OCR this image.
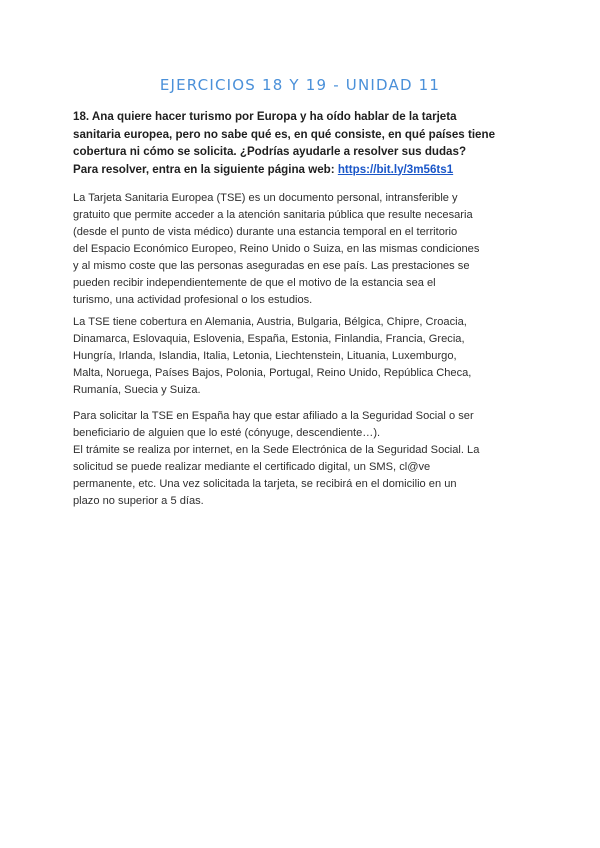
EJERCICIOS 18 Y 19 - UNIDAD 11
18. Ana quiere hacer turismo por Europa y ha oído hablar de la tarjeta
sanitaria europea, pero no sabe qué es, en qué consiste, en qué países tiene
cobertura ni cómo se solicita. ¿Podrías ayudarle a resolver sus dudas?
Para resolver, entra en la siguiente página web: https://bit.ly/3m56ts1
La Tarjeta Sanitaria Europea (TSE) es un documento personal, intransferible y
gratuito que permite acceder a la atención sanitaria pública que resulte necesaria
(desde el punto de vista médico) durante una estancia temporal en el territorio
del Espacio Económico Europeo, Reino Unido o Suiza, en las mismas condiciones
y al mismo coste que las personas aseguradas en ese país. Las prestaciones se
pueden recibir independientemente de que el motivo de la estancia sea el
turismo, una actividad profesional o los estudios.
La TSE tiene cobertura en Alemania, Austria, Bulgaria, Bélgica, Chipre, Croacia,
Dinamarca, Eslovaquia, Eslovenia, España, Estonia, Finlandia, Francia, Grecia,
Hungría, Irlanda, Islandia, Italia, Letonia, Liechtenstein, Lituania, Luxemburgo,
Malta, Noruega, Países Bajos, Polonia, Portugal, Reino Unido, República Checa,
Rumanía, Suecia y Suiza.
Para solicitar la TSE en España hay que estar afiliado a la Seguridad Social o ser
beneficiario de alguien que lo esté (cónyuge, descendiente…).
El trámite se realiza por internet, en la Sede Electrónica de la Seguridad Social. La
solicitud se puede realizar mediante el certificado digital, un SMS, cl@ve
permanente, etc. Una vez solicitada la tarjeta, se recibirá en el domicilio en un
plazo no superior a 5 días.
